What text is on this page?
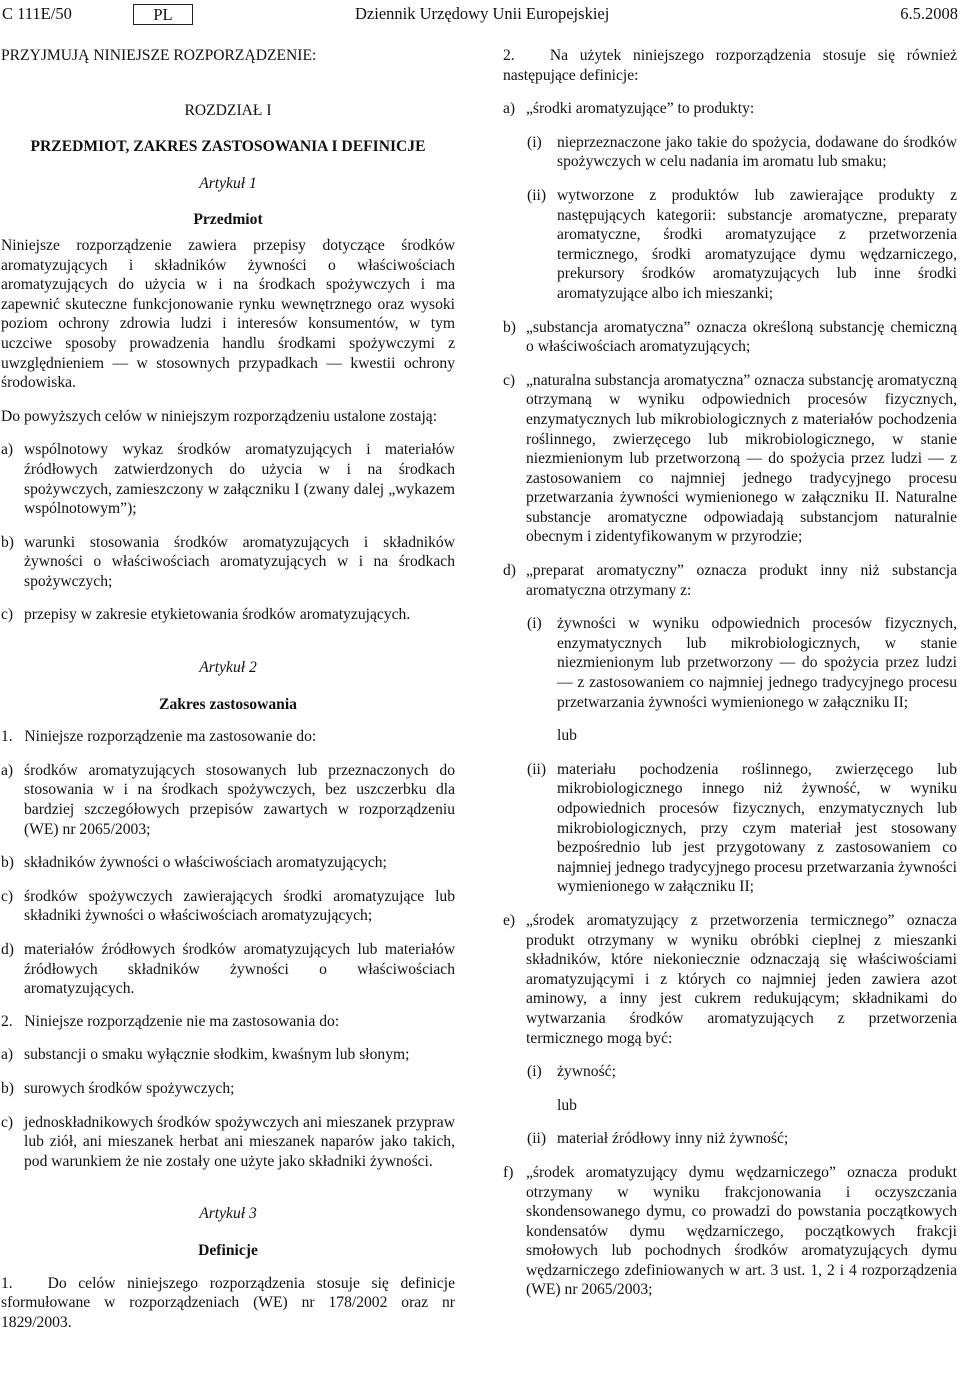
C 111E/50	PL	Dziennik Urzędowy Unii Europejskiej	6.5.2008

PRZYJMUJĄ NINIEJSZE ROZPORZĄDZENIE:

ROZDZIAŁ I

PRZEDMIOT, ZAKRES ZASTOSOWANIA I DEFINICJE

Artykuł 1

Przedmiot

Niniejsze rozporządzenie zawiera przepisy dotyczące środków aromatyzujących i składników żywności o właściwościach aromatyzujących do użycia w i na środkach spożywczych i ma zapewnić skuteczne funkcjonowanie rynku wewnętrznego oraz wysoki poziom ochrony zdrowia ludzi i interesów konsumentów, w tym uczciwe sposoby prowadzenia handlu środkami spożywczymi z uwzględnieniem — w stosownych przypadkach — kwestii ochrony środowiska.

Do powyższych celów w niniejszym rozporządzeniu ustalone zostają:

a) wspólnotowy wykaz środków aromatyzujących i materiałów źródłowych zatwierdzonych do użycia w i na środkach spożywczych, zamieszczony w załączniku I (zwany dalej „wykazem wspólnotowym”);
b) warunki stosowania środków aromatyzujących i składników żywności o właściwościach aromatyzujących w i na środkach spożywczych;
c) przepisy w zakresie etykietowania środków aromatyzujących.

Artykuł 2

Zakres zastosowania

1. Niniejsze rozporządzenie ma zastosowanie do:

a) środków aromatyzujących stosowanych lub przeznaczonych do stosowania w i na środkach spożywczych, bez uszczerbku dla bardziej szczegółowych przepisów zawartych w rozporządzeniu (WE) nr 2065/2003;
b) składników żywności o właściwościach aromatyzujących;
c) środków spożywczych zawierających środki aromatyzujące lub składniki żywności o właściwościach aromatyzujących;
d) materiałów źródłowych środków aromatyzujących lub materiałów źródłowych składników żywności o właściwościach aromatyzujących.

2. Niniejsze rozporządzenie nie ma zastosowania do:

a) substancji o smaku wyłącznie słodkim, kwaśnym lub słonym;
b) surowych środków spożywczych;
c) jednoskładnikowych środków spożywczych ani mieszanek przypraw lub ziół, ani mieszanek herbat ani mieszanek naparów jako takich, pod warunkiem że nie zostały one użyte jako składniki żywności.

Artykuł 3

Definicje

1. Do celów niniejszego rozporządzenia stosuje się definicje sformułowane w rozporządzeniach (WE) nr 178/2002 oraz nr 1829/2003.

2. Na użytek niniejszego rozporządzenia stosuje się również następujące definicje:

a) „środki aromatyzujące” to produkty:
(i) nieprzeznaczone jako takie do spożycia, dodawane do środków spożywczych w celu nadania im aromatu lub smaku;
(ii) wytworzone z produktów lub zawierające produkty z następujących kategorii: substancje aromatyczne, preparaty aromatyczne, środki aromatyzujące z przetworzenia termicznego, środki aromatyzujące dymu wędzarniczego, prekursory środków aromatyzujących lub inne środki aromatyzujące albo ich mieszanki;
b) „substancja aromatyczna” oznacza określoną substancję chemiczną o właściwościach aromatyzujących;
c) „naturalna substancja aromatyczna” oznacza substancję aromatyczną otrzymaną w wyniku odpowiednich procesów fizycznych, enzymatycznych lub mikrobiologicznych z materiałów pochodzenia roślinnego, zwierzęcego lub mikrobiologicznego, w stanie niezmienionym lub przetworzoną — do spożycia przez ludzi — z zastosowaniem co najmniej jednego tradycyjnego procesu przetwarzania żywności wymienionego w załączniku II. Naturalne substancje aromatyczne odpowiadają substancjom naturalnie obecnym i zidentyfikowanym w przyrodzie;
d) „preparat aromatyczny” oznacza produkt inny niż substancja aromatyczna otrzymany z:
(i) żywności w wyniku odpowiednich procesów fizycznych, enzymatycznych lub mikrobiologicznych, w stanie niezmienionym lub przetworzony — do spożycia przez ludzi — z zastosowaniem co najmniej jednego tradycyjnego procesu przetwarzania żywności wymienionego w załączniku II;

lub

(ii) materiału pochodzenia roślinnego, zwierzęcego lub mikrobiologicznego innego niż żywność, w wyniku odpowiednich procesów fizycznych, enzymatycznych lub mikrobiologicznych, przy czym materiał jest stosowany bezpośrednio lub jest przygotowany z zastosowaniem co najmniej jednego tradycyjnego procesu przetwarzania żywności wymienionego w załączniku II;
e) „środek aromatyzujący z przetworzenia termicznego” oznacza produkt otrzymany w wyniku obróbki cieplnej z mieszanki składników, które niekoniecznie odznaczają się właściwościami aromatyzującymi i z których co najmniej jeden zawiera azot aminowy, a inny jest cukrem redukującym; składnikami do wytwarzania środków aromatyzujących z przetworzenia termicznego mogą być:
(i) żywność;

lub

(ii) materiał źródłowy inny niż żywność;
f) „środek aromatyzujący dymu wędzarniczego” oznacza produkt otrzymany w wyniku frakcjonowania i oczyszczania skondensowanego dymu, co prowadzi do powstania początkowych kondensatów dymu wędzarniczego, początkowych frakcji smołowych lub pochodnych środków aromatyzujących dymu wędzarniczego zdefiniowanych w art. 3 ust. 1, 2 i 4 rozporządzenia (WE) nr 2065/2003;
